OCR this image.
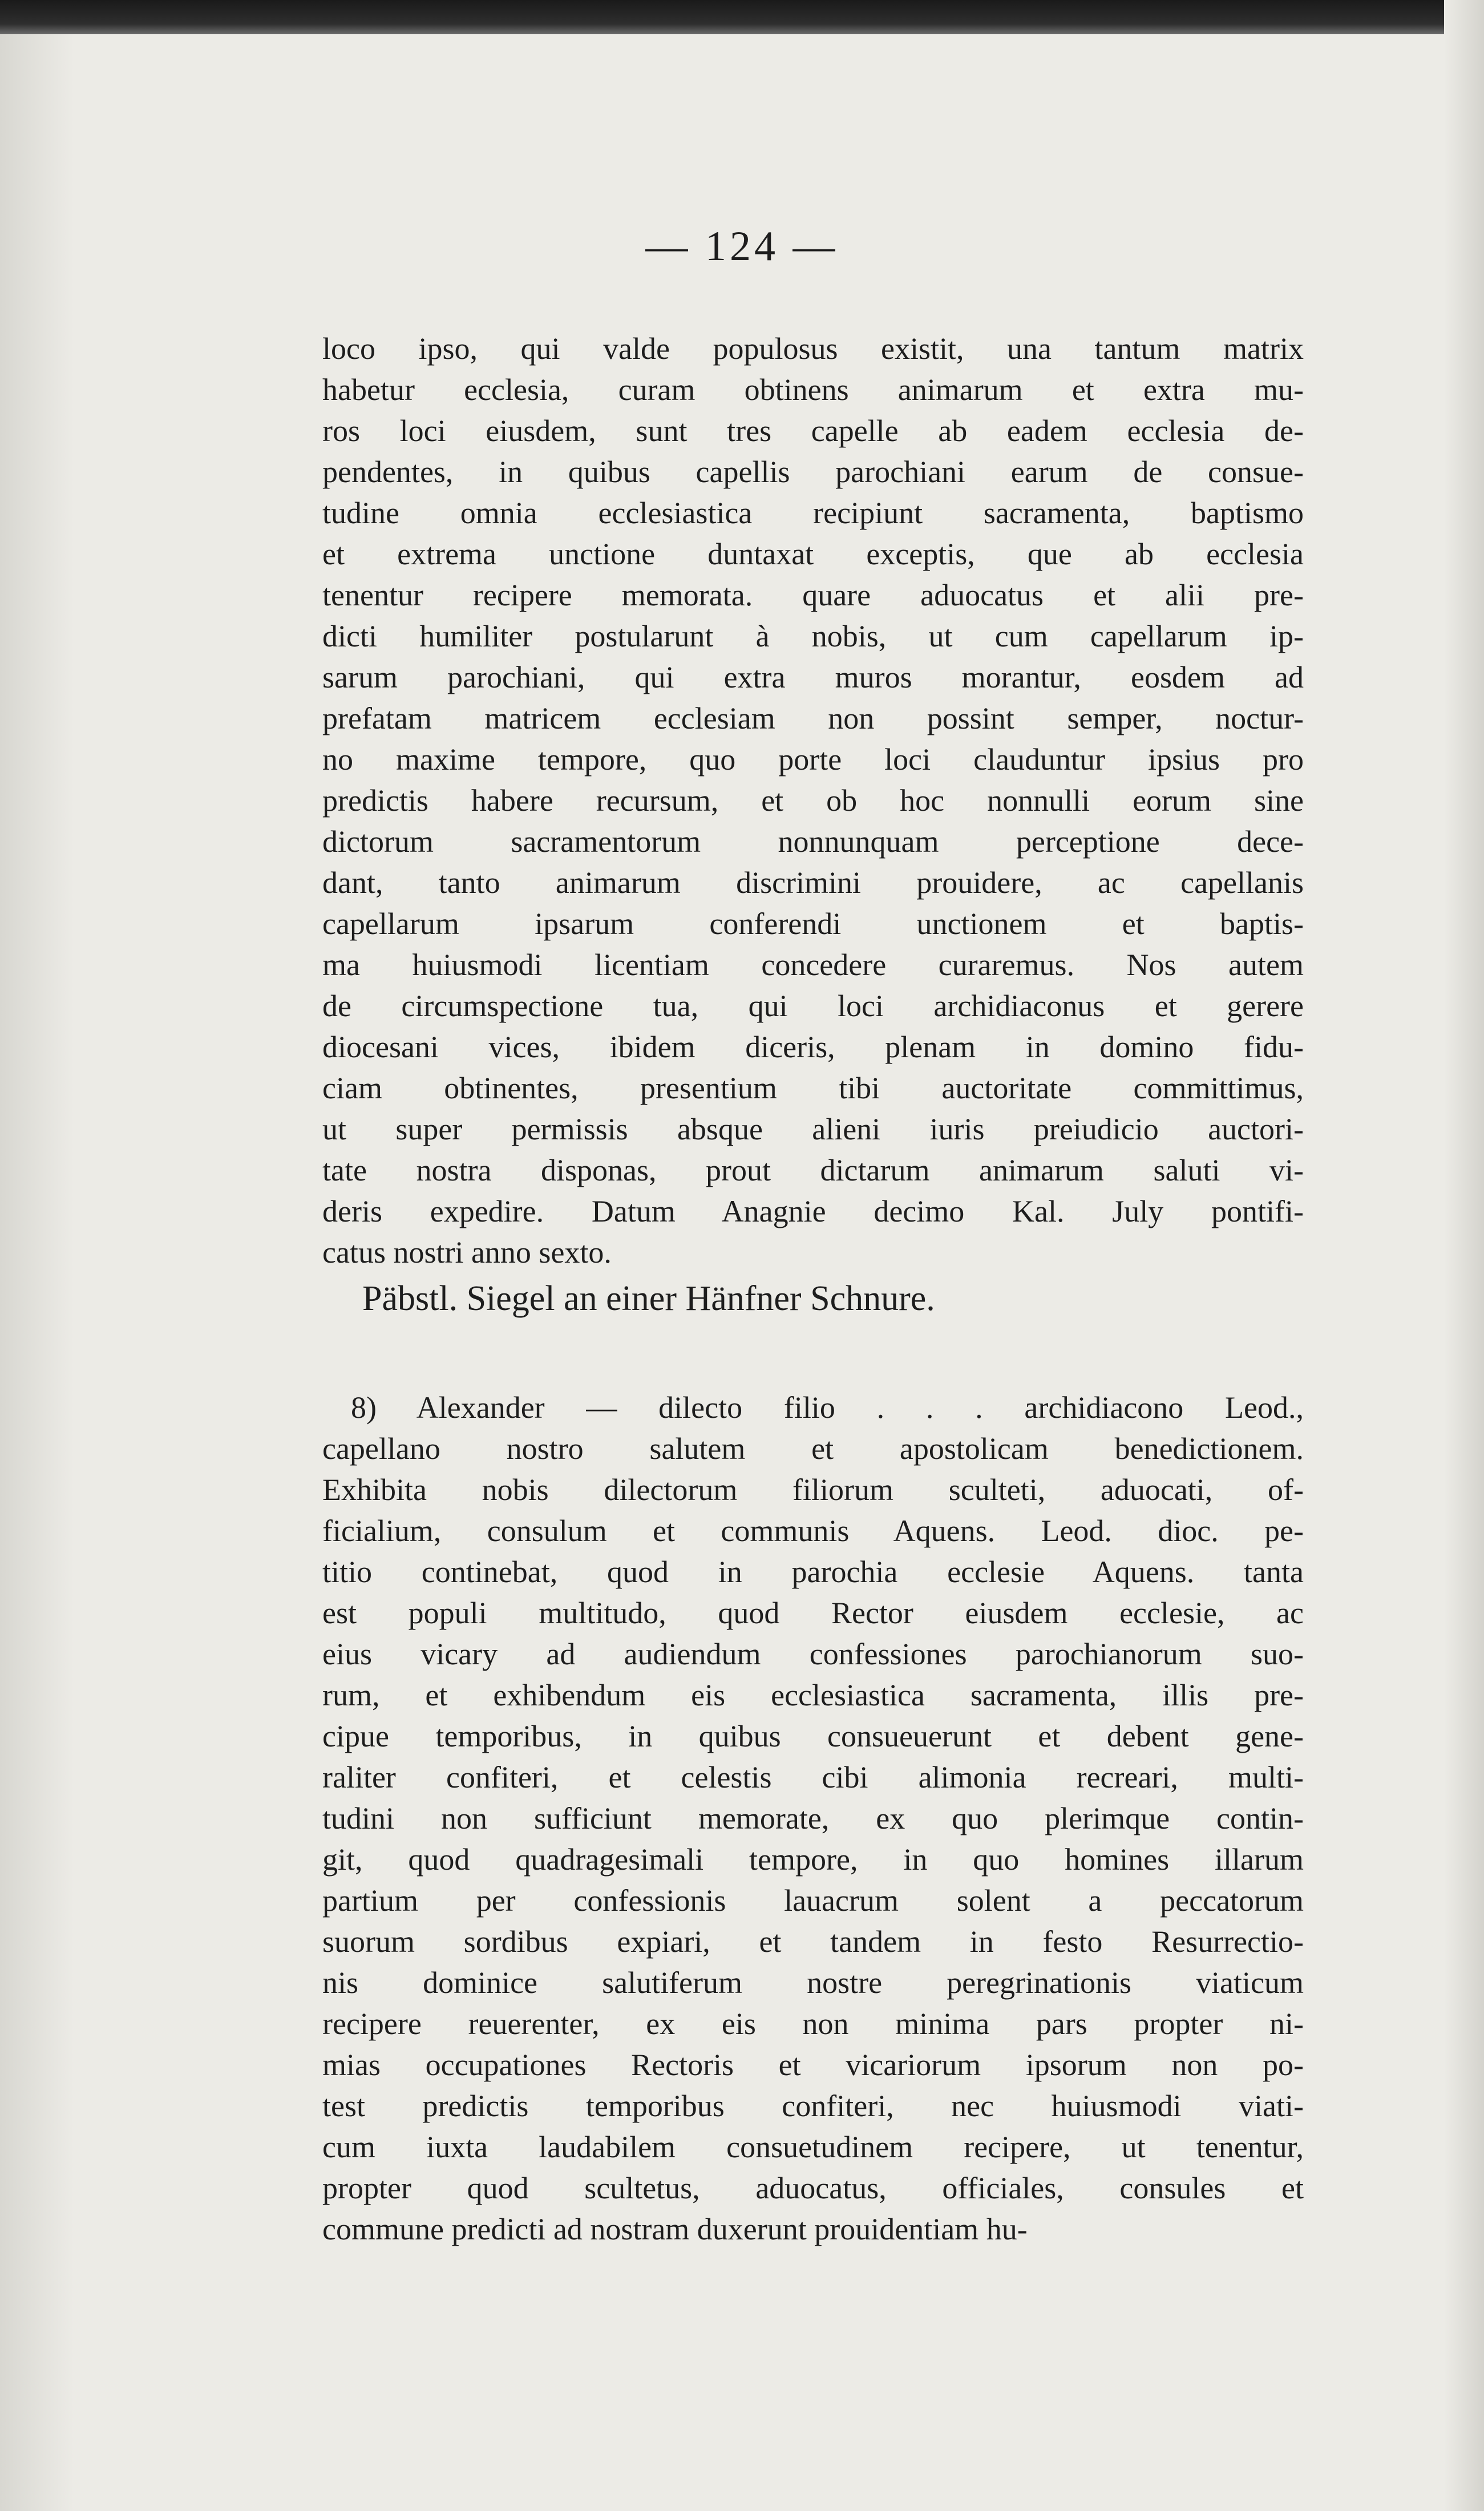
— 124 —
loco ipso, qui valde populosus existit, una tantum matrix
habetur ecclesia, curam obtinens animarum et extra mu-
ros loci eiusdem, sunt tres capelle ab eadem ecclesia de-
pendentes, in quibus capellis parochiani earum de consue-
tudine omnia ecclesiastica recipiunt sacramenta, baptismo
et extrema unctione duntaxat exceptis, que ab ecclesia
tenentur recipere memorata. quare aduocatus et alii pre-
dicti humiliter postularunt à nobis, ut cum capellarum ip-
sarum parochiani, qui extra muros morantur, eosdem ad
prefatam matricem ecclesiam non possint semper, noctur-
no maxime tempore, quo porte loci clauduntur ipsius pro
predictis habere recursum, et ob hoc nonnulli eorum sine
dictorum sacramentorum nonnunquam perceptione dece-
dant, tanto animarum discrimini prouidere, ac capellanis
capellarum ipsarum conferendi unctionem et baptis-
ma huiusmodi licentiam concedere curaremus. Nos autem
de circumspectione tua, qui loci archidiaconus et gerere
diocesani vices, ibidem diceris, plenam in domino fidu-
ciam obtinentes, presentium tibi auctoritate committimus,
ut super permissis absque alieni iuris preiudicio auctori-
tate nostra disponas, prout dictarum animarum saluti vi-
deris expedire. Datum Anagnie decimo Kal. July pontifi-
catus nostri anno sexto.
Päbstl. Siegel an einer Hänfner Schnure.
8) Alexander — dilecto filio . . . archidiacono Leod.,
capellano nostro salutem et apostolicam benedictionem.
Exhibita nobis dilectorum filiorum sculteti, aduocati, of-
ficialium, consulum et communis Aquens. Leod. dioc. pe-
titio continebat, quod in parochia ecclesie Aquens. tanta
est populi multitudo, quod Rector eiusdem ecclesie, ac
eius vicary ad audiendum confessiones parochianorum suo-
rum, et exhibendum eis ecclesiastica sacramenta, illis pre-
cipue temporibus, in quibus consueuerunt et debent gene-
raliter confiteri, et celestis cibi alimonia recreari, multi-
tudini non sufficiunt memorate, ex quo plerimque contin-
git, quod quadragesimali tempore, in quo homines illarum
partium per confessionis lauacrum solent a peccatorum
suorum sordibus expiari, et tandem in festo Resurrectio-
nis dominice salutiferum nostre peregrinationis viaticum
recipere reuerenter, ex eis non minima pars propter ni-
mias occupationes Rectoris et vicariorum ipsorum non po-
test predictis temporibus confiteri, nec huiusmodi viati-
cum iuxta laudabilem consuetudinem recipere, ut tenentur,
propter quod scultetus, aduocatus, officiales, consules et
commune predicti ad nostram duxerunt prouidentiam hu-
